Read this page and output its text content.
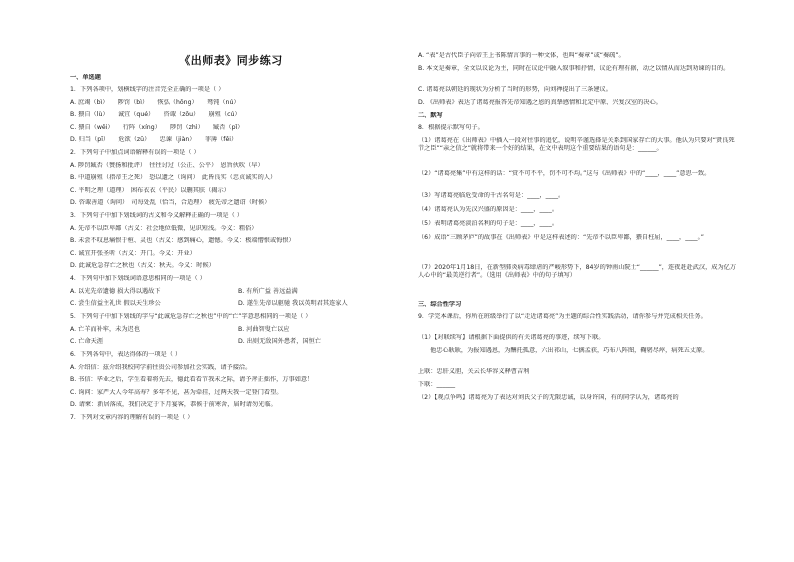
《出师表》同步练习
一、单选题
1．下列各项中，划横线字的注音完全正确的一项是（ ）
A. 庶竭（bì）　　陟罚（bì）　　恢弘（hōng）　　驽钝（nú）
B. 猥自（lù）　　诚宜（qué）　　咨诹（zōu）　　崩殂（cú）
C. 猥自（wěi）　　行阵（xíng）　　陟罚（zhì）　　臧否（pǐ）
D. 归当（pī）　　危欲（zū）　　忠谏（jiàn）　　菲薄（fěi）
2．下列句子中加点词语解释有误的一项是（ ）
A. 陟罚臧否（赞扬和批评）　往往讨过（公正、公平）　恩旨伙吹（早）
B. 中道崩殂（指帝王之死）　恐以遗之（询问）　此皆良实（忠贞诚实的人）
C. 平明之理（道理）　困布衣衣（平民）以删其肤（揭示）
D. 咨诹善道（询问）　司每处乱（恰当，合适理）　疲先帝之遗诏（时候）
3．下列句子中加下划线词的古义和今义解释正确的一项是（ ）
A. 先帝不以臣卑鄙（古义：社会地位低微，见识短浅。今义：粗俗）
B. 未尝不叹息痛恨于桓、灵也（古义：感到痛心，遗憾。今义：极端憎恨或悔恨）
C. 诚宜开张圣听（古义：开门。今义：开业）
D. 此诚危急存亡之秋也（古义：秋天。今义：时候）
4．下列句中加下划线词语意思相同的一项是（ ）
A. 以光先帝遗德 损大得以遇故下	B. 有所广益 善远益满
C. 尝生信益主礼世 假以天生珍公	D. 遂生先帝以驱驰 我以英明君其连家人
5．下列句子中加下划线的字与“此诚危急存亡之秋也”中的“亡”字意思相同的一项是（ ）
A. 亡羊而补牢，未为迟也	B. 河曲智叟亡以应
C. 亡命天涯	D. 出则无敌国外患者，国恒亡
6．下列各句中，表达得体的一项是（ ）
A. 介绍信：兹介绍我校同学前往贵公司参加社会实践，请予接洽。
B. 书信：毕业之后，学生看着将先去，德此看看节我未之际，请予斧正拙作，万事如意！
C. 询问：家严大人今年高寿？多年不见，甚为牵挂，过两天我一定登门看望。
D. 请柬：新居落成，我们决定于下月宴客，恭候于前寒舍，届时请勿光临。
7．下列对文章内容的理解有误的一项是（ ）
A. “表”是古代臣子向帝王上书陈情言事的一种文体，也叫“奏章”或“奏疏”。
B. 本文是奏章，全文以议论为主，同时在议论中融入叙事和抒情，议论有理有据，动之以情从而达到劝谏的目的。
C. 诸葛亮以朝廷的现状为分析了当时的形势，向刘禅提出了三条建议。
D. 《出师表》表达了诸葛亮报答先帝知遇之恩的真挚感情和北定中原、兴复汉室的决心。
二、默写
8．根据提示默写句子。
（1）诸葛亮在《出师表》中插入一段对往事的追忆，说明辛谨选择是关系到国家存亡的大事。他认为只要对“贤良死节之臣”“亲之信之”就将带来一个好的结果，在文中表明这个重要结果的语句是：______。
（2）“诸葛亮集”中有这样的话：“赏不可不平，罚不可不均。”这与《出师表》中的“____，____”意思一致。
（3）写诸葛亮临危受命的千古名句是：____，____。
（4）诸葛亮认为先汉兴盛的原因是：____，____。
（5）表明诸葛亮淡泊名利的句子是：____，____。
（6）成语“三顾茅庐”的故事在《出师表》中是这样表述的：“先帝不以臣卑鄙，猥自枉屈，____，____。”
（7）2020年1月18日，在新型肺炎病毒肆虐的严峻形势下，84岁的钟南山院士“______”，连夜赶赴武汉，成为亿万人心中的“最美逆行者”。（选用《出师表》中的句子填写）
三、综合性学习
9．学完本课后，你所在班级举行了以“走近诸葛亮”为主题的综合性实践活动，请你参与并完成相关任务。
（1）【对联续写】请根据下面提供的有关诸葛亮的事迹，续写下联。
他忠心耿耿，为报知遇恩，为酬托孤意，六出祁山，七擒孟获，巧布八阵图，鞠躬尽瘁，病死五丈原。
上联：忠肝义胆，关云长华容义释曹吉利
下联：______
（2）【观点争鸣】诸葛亮为了表达对刘氏父子的无限忠诚，以身许国，有的同学认为，诸葛亮的
